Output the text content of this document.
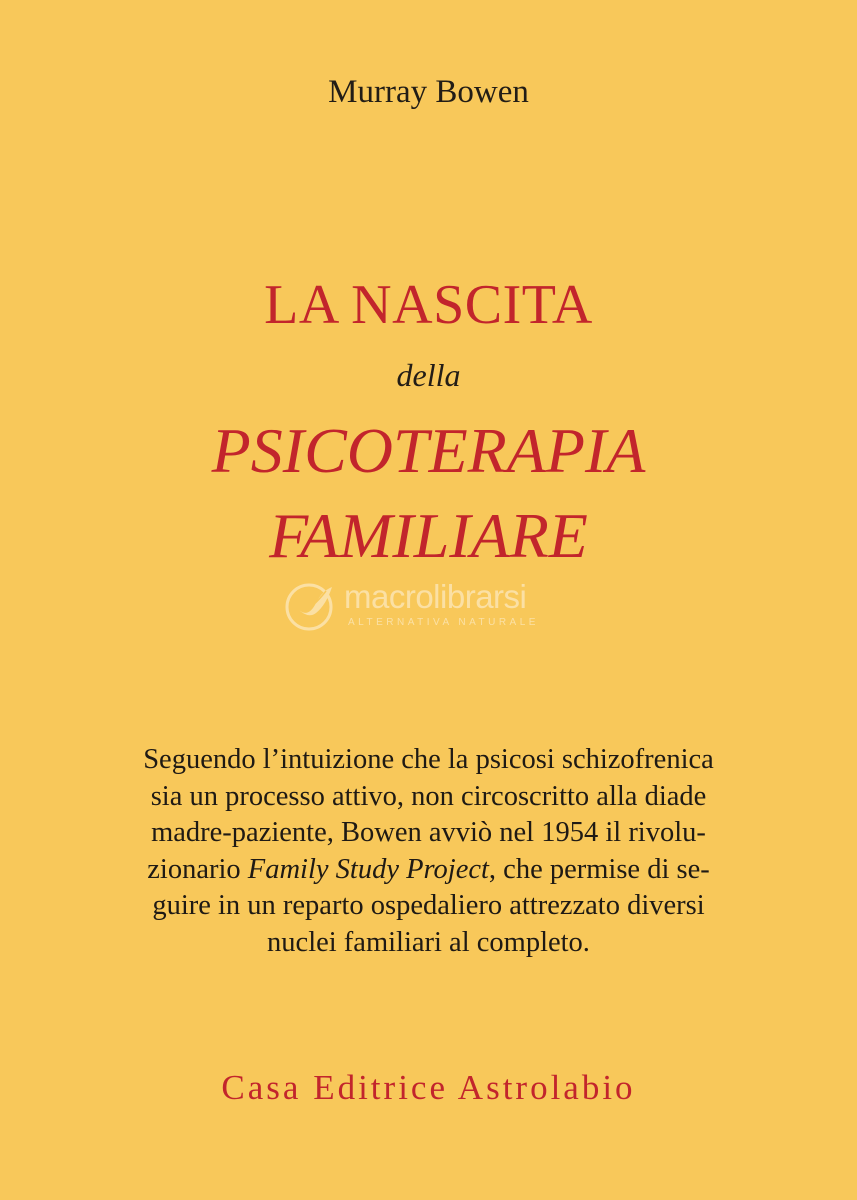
Murray Bowen
LA NASCITA
della
PSICOTERAPIA
FAMILIARE
macrolibrarsi
ALTERNATIVA NATURALE
Seguendo l’intuizione che la psicosi schizofrenica
sia un processo attivo, non circoscritto alla diade
madre-paziente, Bowen avviò nel 1954 il rivolu-
zionario Family Study Project, che permise di se-
guire in un reparto ospedaliero attrezzato diversi
nuclei familiari al completo.
Casa Editrice Astrolabio
